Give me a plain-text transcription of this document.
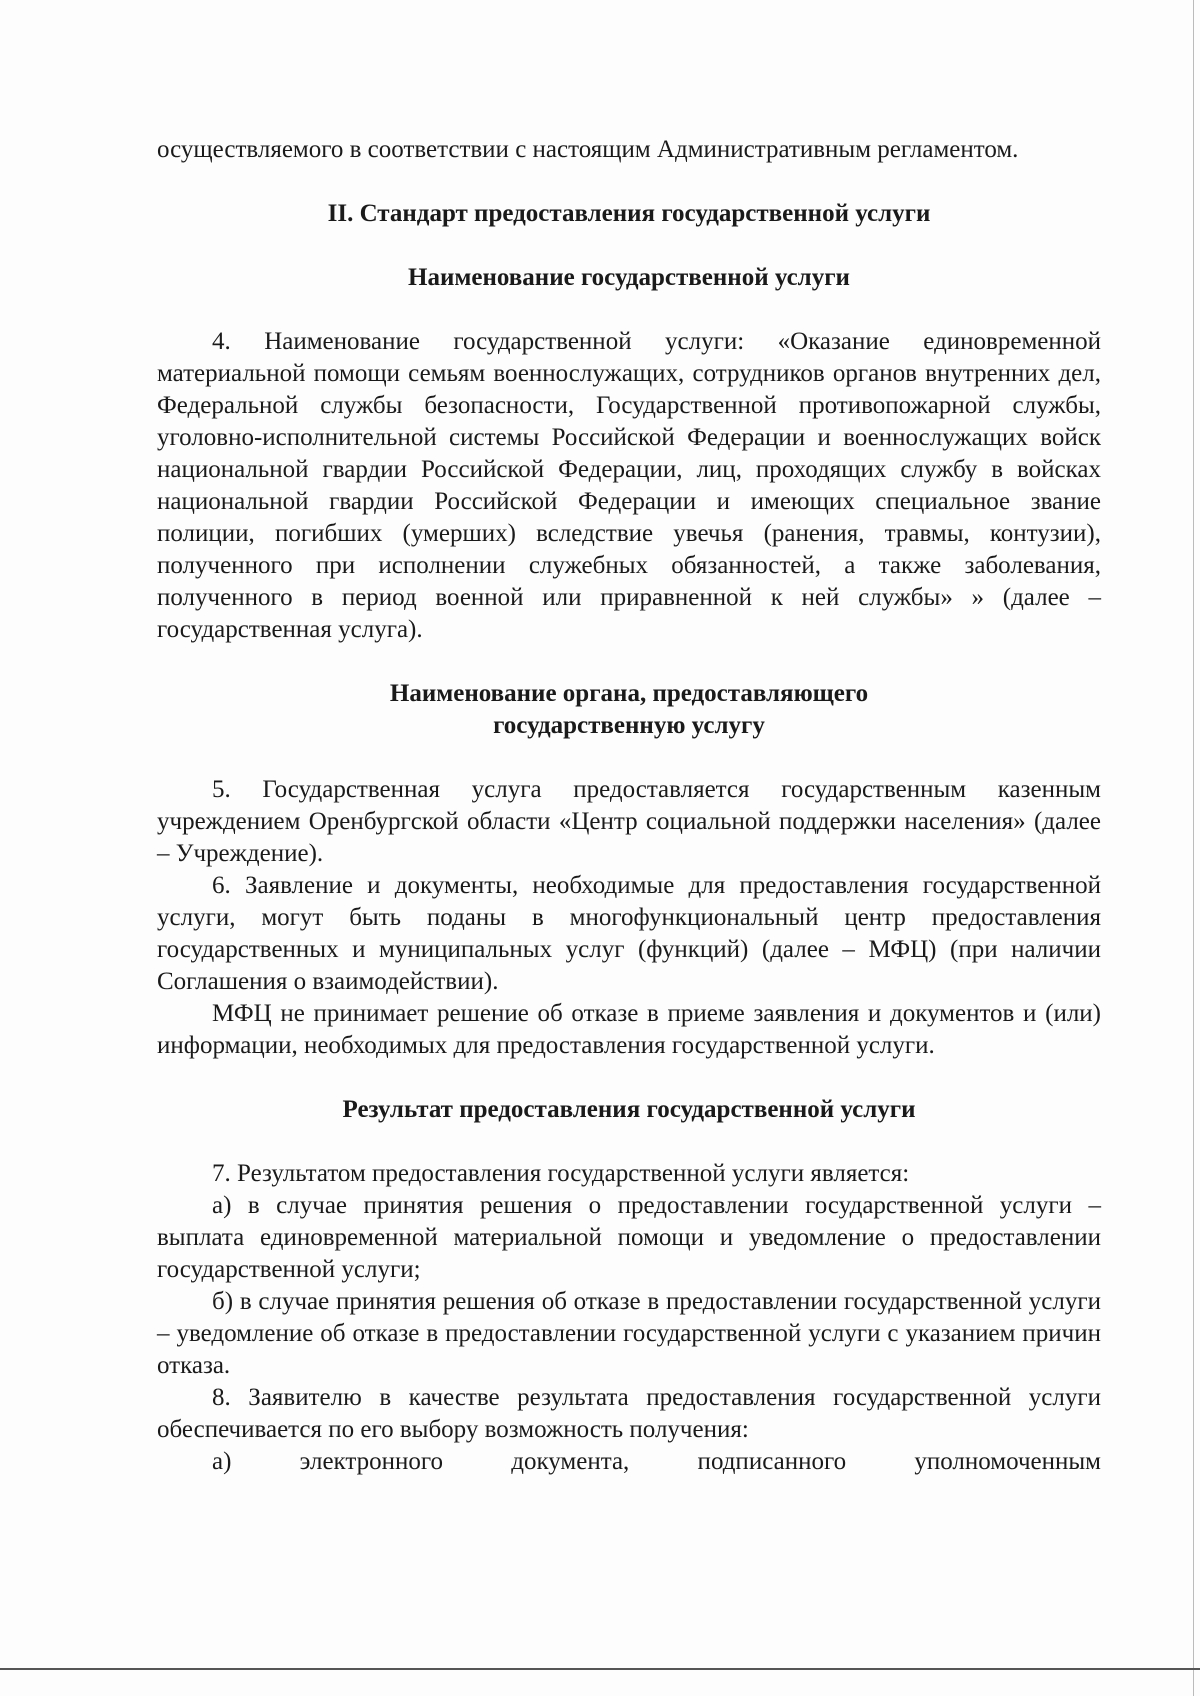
осуществляемого в соответствии с настоящим Административным регламентом.

II. Стандарт предоставления государственной услуги
Наименование государственной услуги

4. Наименование государственной услуги: «Оказание единовременной материальной помощи семьям военнослужащих, сотрудников органов внутренних дел, Федеральной службы безопасности, Государственной противопожарной службы, уголовно-исполнительной системы Российской Федерации и военнослужащих войск национальной гвардии Российской Федерации, лиц, проходящих службу в войсках национальной гвардии Российской Федерации и имеющих специальное звание полиции, погибших (умерших) вследствие увечья (ранения, травмы, контузии), полученного при исполнении служебных обязанностей, а также заболевания, полученного в период военной или приравненной к ней службы» » (далее – государственная услуга).

Наименование органа, предоставляющего
государственную услугу

5. Государственная услуга предоставляется государственным казенным учреждением Оренбургской области «Центр социальной поддержки населения» (далее – Учреждение).

6. Заявление и документы, необходимые для предоставления государственной услуги, могут быть поданы в многофункциональный центр предоставления государственных и муниципальных услуг (функций) (далее – МФЦ) (при наличии Соглашения о взаимодействии).

МФЦ не принимает решение об отказе в приеме заявления и документов и (или) информации, необходимых для предоставления государственной услуги.

Результат предоставления государственной услуги

7. Результатом предоставления государственной услуги является:

а) в случае принятия решения о предоставлении государственной услуги – выплата единовременной материальной помощи и уведомление о предоставлении государственной услуги;

б) в случае принятия решения об отказе в предоставлении государственной услуги – уведомление об отказе в предоставлении государственной услуги с указанием причин отказа.

8. Заявителю в качестве результата предоставления государственной услуги обеспечивается по его выбору возможность получения:

а) электронного документа, подписанного уполномоченным
